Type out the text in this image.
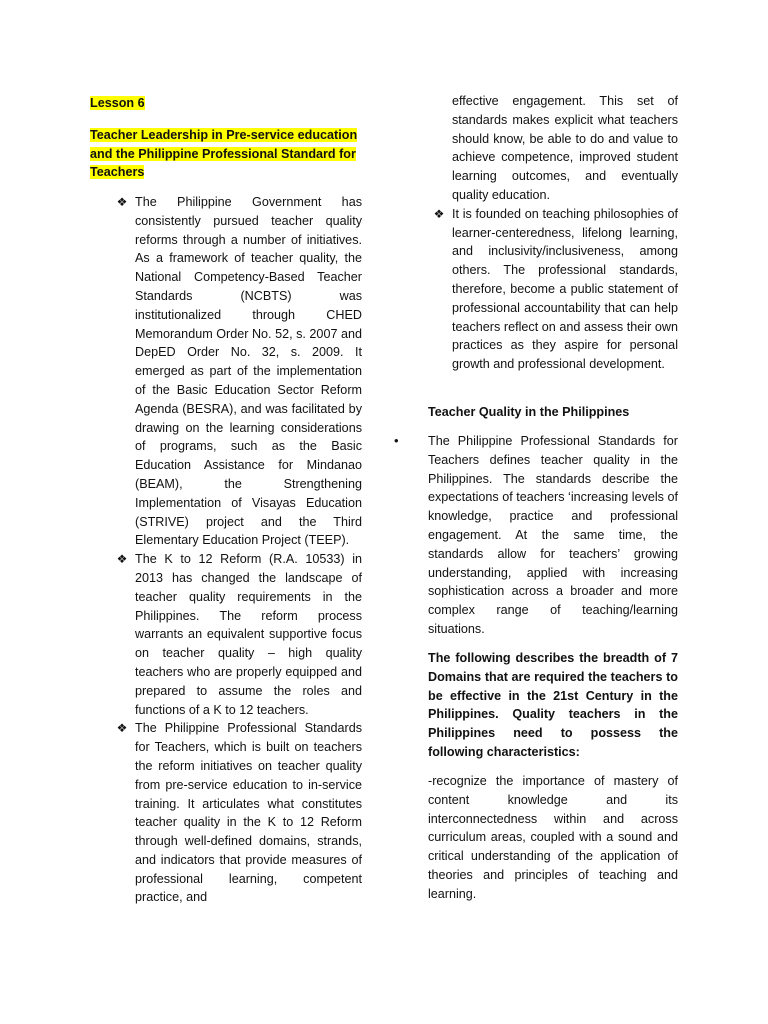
Lesson 6
Teacher Leadership in Pre-service education and the Philippine Professional Standard for Teachers
❖ The Philippine Government has consistently pursued teacher quality reforms through a number of initiatives. As a framework of teacher quality, the National Competency-Based Teacher Standards (NCBTS) was institutionalized through CHED Memorandum Order No. 52, s. 2007 and DepED Order No. 32, s. 2009. It emerged as part of the implementation of the Basic Education Sector Reform Agenda (BESRA), and was facilitated by drawing on the learning considerations of programs, such as the Basic Education Assistance for Mindanao (BEAM), the Strengthening Implementation of Visayas Education (STRIVE) project and the Third Elementary Education Project (TEEP).
❖ The K to 12 Reform (R.A. 10533) in 2013 has changed the landscape of teacher quality requirements in the Philippines. The reform process warrants an equivalent supportive focus on teacher quality – high quality teachers who are properly equipped and prepared to assume the roles and functions of a K to 12 teachers.
❖ The Philippine Professional Standards for Teachers, which is built on teachers the reform initiatives on teacher quality from pre-service education to in-service training. It articulates what constitutes teacher quality in the K to 12 Reform through well-defined domains, strands, and indicators that provide measures of professional learning, competent practice, and
effective engagement. This set of standards makes explicit what teachers should know, be able to do and value to achieve competence, improved student learning outcomes, and eventually quality education.
❖ It is founded on teaching philosophies of learner-centeredness, lifelong learning, and inclusivity/inclusiveness, among others. The professional standards, therefore, become a public statement of professional accountability that can help teachers reflect on and assess their own practices as they aspire for personal growth and professional development.
Teacher Quality in the Philippines
• The Philippine Professional Standards for Teachers defines teacher quality in the Philippines. The standards describe the expectations of teachers ‘increasing levels of knowledge, practice and professional engagement. At the same time, the standards allow for teachers’ growing understanding, applied with increasing sophistication across a broader and more complex range of teaching/learning situations.
The following describes the breadth of 7 Domains that are required the teachers to be effective in the 21st Century in the Philippines. Quality teachers in the Philippines need to possess the following characteristics:
-recognize the importance of mastery of content knowledge and its interconnectedness within and across curriculum areas, coupled with a sound and critical understanding of the application of theories and principles of teaching and learning.
